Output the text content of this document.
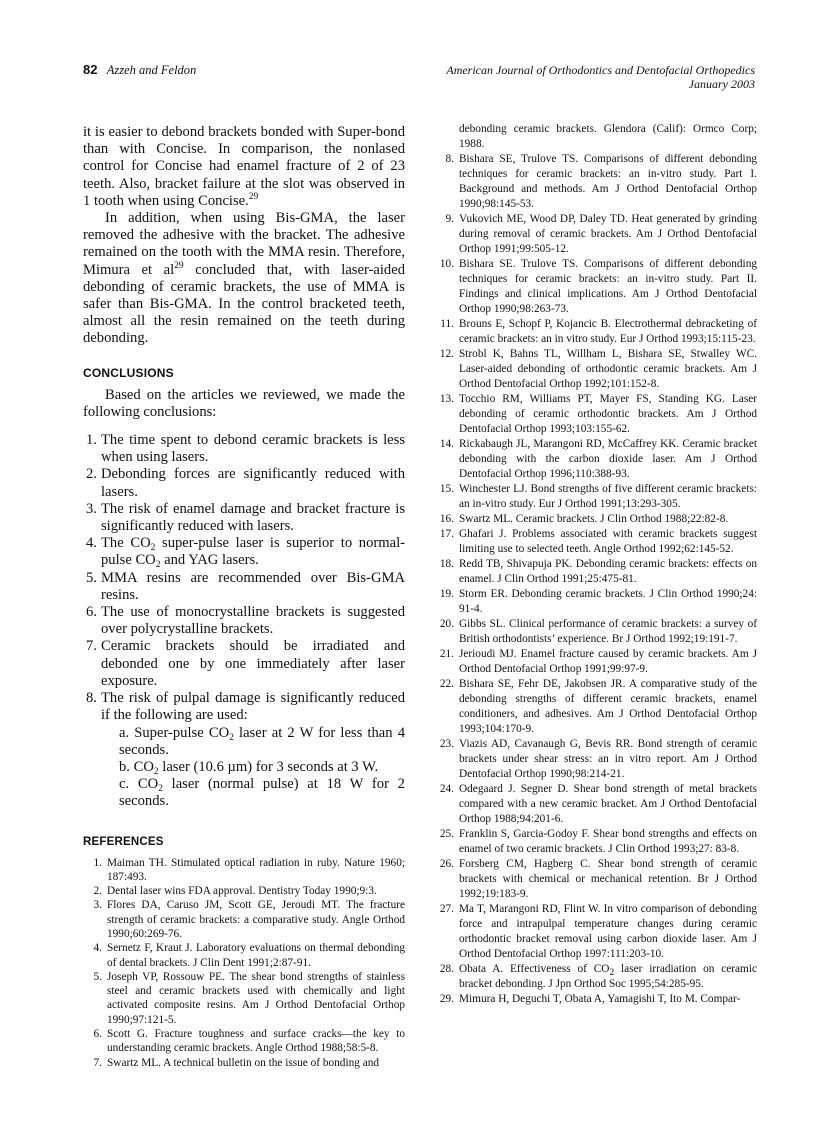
82 Azzeh and Feldon	American Journal of Orthodontics and Dentofacial Orthopedics
January 2003

it is easier to debond brackets bonded with Super-bond than with Concise. In comparison, the nonlased control for Concise had enamel fracture of 2 of 23 teeth. Also, bracket failure at the slot was observed in 1 tooth when using Concise.$^{29}$

In addition, when using Bis-GMA, the laser removed the adhesive with the bracket. The adhesive remained on the tooth with the MMA resin. Therefore, Mimura et $al^{29}$ concluded that, with laser-aided debonding of ceramic brackets, the use of MMA is safer than Bis-GMA. In the control bracketed teeth, almost all the resin remained on the teeth during debonding.

CONCLUSIONS

Based on the articles we reviewed, we made the following conclusions:

1. The time spent to debond ceramic brackets is less when using lasers.
2. Debonding forces are significantly reduced with lasers.
3. The risk of enamel damage and bracket fracture is significantly reduced with lasers.
4. The $CO_2$ super-pulse laser is superior to normal-pulse $CO_2$ and YAG lasers.
5. MMA resins are recommended over Bis-GMA resins.
6. The use of monocrystalline brackets is suggested over polycrystalline brackets.
7. Ceramic brackets should be irradiated and debonded one by one immediately after laser exposure.
8. The risk of pulpal damage is significantly reduced if the following are used:
a. Super-pulse $CO_2$ laser at 2 W for less than 4 seconds.
b. $CO_2$ laser (10.6 µm) for 3 seconds at 3 W.
c. $CO_2$ laser (normal pulse) at 18 W for 2 seconds.
REFERENCES
1. Maiman TH. Stimulated optical radiation in ruby. Nature 1960; 187:493.
2. Dental laser wins FDA approval. Dentistry Today 1990;9:3.
3. Flores DA, Caruso JM, Scott GE, Jeroudi MT. The fracture strength of ceramic brackets: a comparative study. Angle Orthod 1990;60:269-76.
4. Sernetz F, Kraut J. Laboratory evaluations on thermal debonding of dental brackets. J Clin Dent 1991;2:87-91.
5. Joseph VP, Rossouw PE. The shear bond strengths of stainless steel and ceramic brackets used with chemically and light activated composite resins. Am J Orthod Dentofacial Orthop 1990;97:121-5.
6. Scott G. Fracture toughness and surface cracks—the key to understanding ceramic brackets. Angle Orthod 1988;58:5-8.
7. Swartz ML. A technical bulletin on the issue of bonding and
debonding ceramic brackets. Glendora (Calif): Ormco Corp; 1988.
8. Bishara SE, Trulove TS. Comparisons of different debonding techniques for ceramic brackets: an in-vitro study. Part I. Background and methods. Am J Orthod Dentofacial Orthop 1990;98:145-53.
9. Vukovich ME, Wood DP, Daley TD. Heat generated by grinding during removal of ceramic brackets. Am J Orthod Dentofacial Orthop 1991;99:505-12.
10. Bishara SE. Trulove TS. Comparisons of different debonding techniques for ceramic brackets: an in-vitro study. Part II. Findings and clinical implications. Am J Orthod Dentofacial Orthop 1990;98:263-73.
11. Brouns E, Schopf P, Kojancic B. Electrothermal debracketing of ceramic brackets: an in vitro study. Eur J Orthod 1993;15:115-23.
12. Strobl K, Bahns TL, Willham L, Bishara SE, Stwalley WC. Laser-aided debonding of orthodontic ceramic brackets. Am J Orthod Dentofacial Orthop 1992;101:152-8.
13. Tocchio RM, Williams PT, Mayer FS, Standing KG. Laser debonding of ceramic orthodontic brackets. Am J Orthod Dentofacial Orthop 1993;103:155-62.
14. Rickabaugh JL, Marangoni RD, McCaffrey KK. Ceramic bracket debonding with the carbon dioxide laser. Am J Orthod Dentofacial Orthop 1996;110:388-93.
15. Winchester LJ. Bond strengths of five different ceramic brackets: an in-vitro study. Eur J Orthod 1991;13:293-305.
16. Swartz ML. Ceramic brackets. J Clin Orthod 1988;22:82-8.
17. Ghafari J. Problems associated with ceramic brackets suggest limiting use to selected teeth. Angle Orthod 1992;62:145-52.
18. Redd TB, Shivapuja PK. Debonding ceramic brackets: effects on enamel. J Clin Orthod 1991;25:475-81.
19. Storm ER. Debonding ceramic brackets. J Clin Orthod 1990;24: 91-4.
20. Gibbs SL. Clinical performance of ceramic brackets: a survey of British orthodontists’ experience. Br J Orthod 1992;19:191-7.
21. Jerioudi MJ. Enamel fracture caused by ceramic brackets. Am J Orthod Dentofacial Orthop 1991;99:97-9.
22. Bishara SE, Fehr DE, Jakobsen JR. A comparative study of the debonding strengths of different ceramic brackets, enamel conditioners, and adhesives. Am J Orthod Dentofacial Orthop 1993;104:170-9.
23. Viazis AD, Cavanaugh G, Bevis RR. Bond strength of ceramic brackets under shear stress: an in vitro report. Am J Orthod Dentofacial Orthop 1990;98:214-21.
24. Odegaard J. Segner D. Shear bond strength of metal brackets compared with a new ceramic bracket. Am J Orthod Dentofacial Orthop 1988;94:201-6.
25. Franklin S, Garcia-Godoy F. Shear bond strengths and effects on enamel of two ceramic brackets. J Clin Orthod 1993;27: 83-8.
26. Forsberg CM, Hagberg C. Shear bond strength of ceramic brackets with chemical or mechanical retention. Br J Orthod 1992;19:183-9.
27. Ma T, Marangoni RD, Flint W. In vitro comparison of debonding force and intrapulpal temperature changes during ceramic orthodontic bracket removal using carbon dioxide laser. Am J Orthod Dentofacial Orthop 1997:111:203-10.
28. Obata A. Effectiveness of $CO_2$ laser irradiation on ceramic bracket debonding. J Jpn Orthod Soc 1995;54:285-95.
29. Mimura H, Deguchi T, Obata A, Yamagishi T, Ito M. Compar-
